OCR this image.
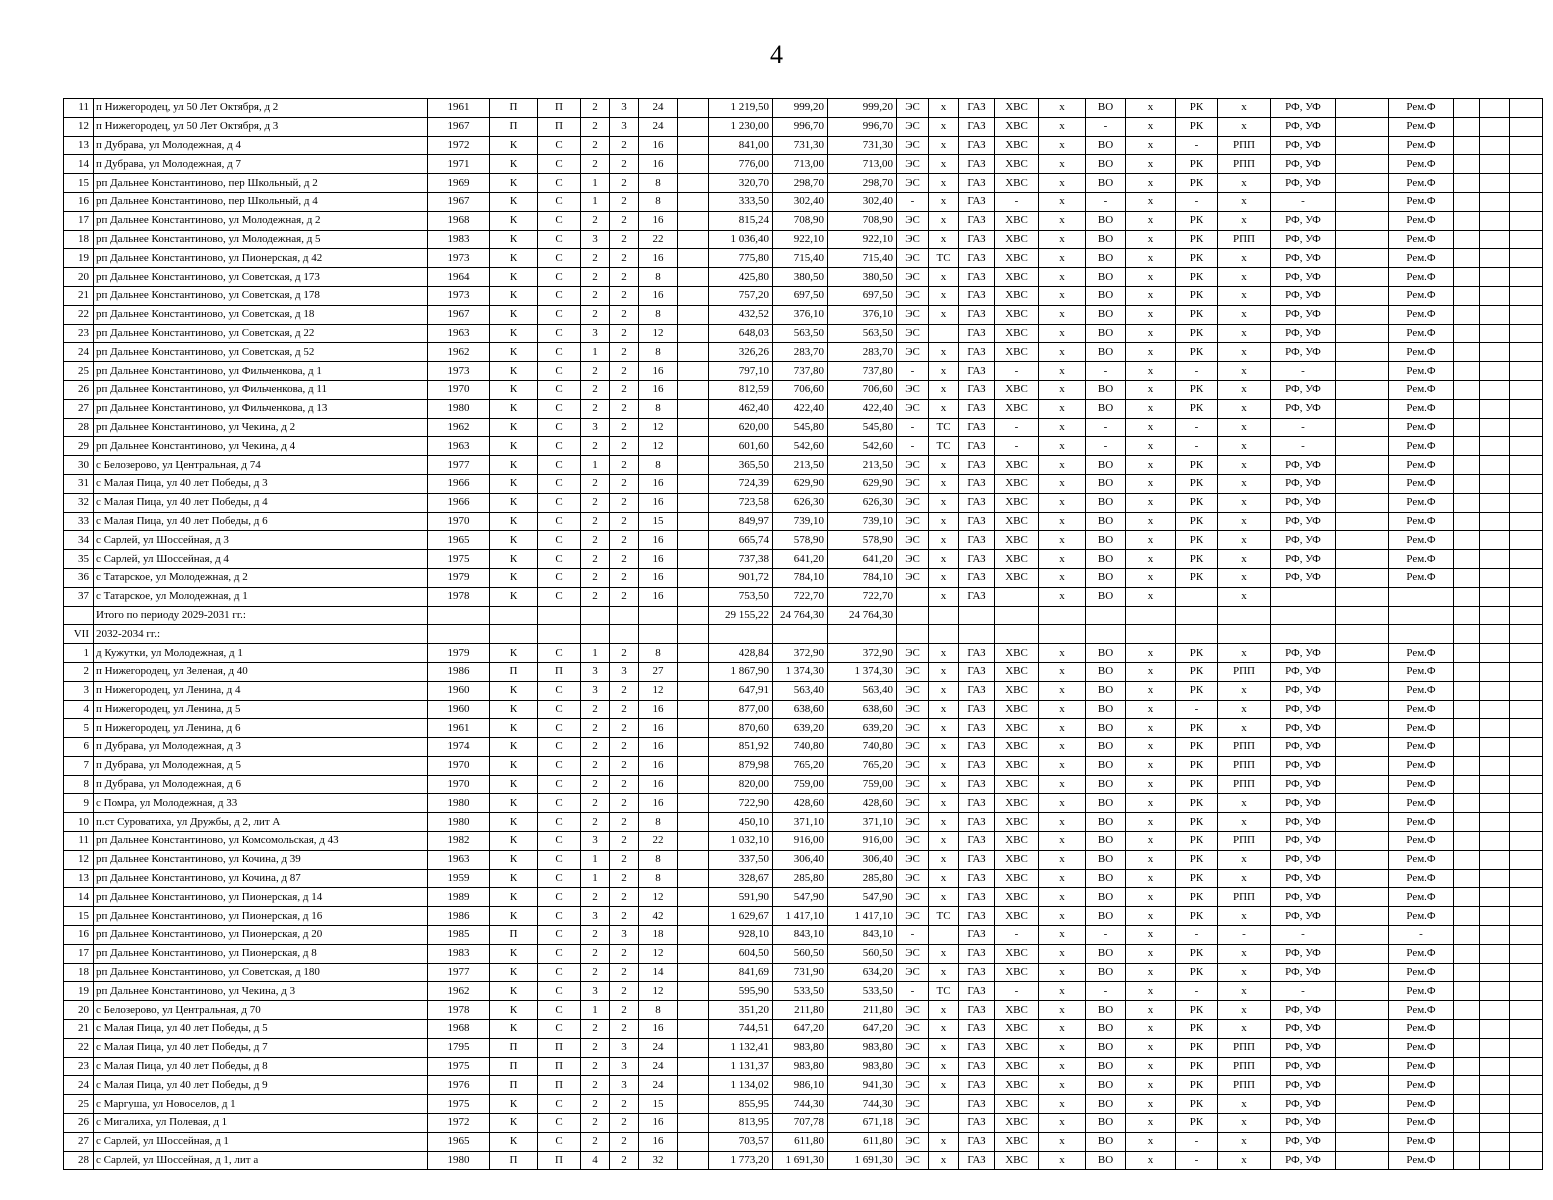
4
11	п Нижегородец, ул 50 Лет Октября, д 2	1961	П	П	2	3	24		1 219,50	999,20	999,20	ЭС	x	ГАЗ	ХВС	x	ВО	x	РК	x	РФ, УФ		Рем.Ф			
12	п Нижегородец, ул 50 Лет Октября, д 3	1967	П	П	2	3	24		1 230,00	996,70	996,70	ЭС	x	ГАЗ	ХВС	x	-	x	РК	x	РФ, УФ		Рем.Ф			
13	п Дубрава, ул Молодежная, д 4	1972	К	С	2	2	16		841,00	731,30	731,30	ЭС	x	ГАЗ	ХВС	x	ВО	x	-	РПП	РФ, УФ		Рем.Ф			
14	п Дубрава, ул Молодежная, д 7	1971	К	С	2	2	16		776,00	713,00	713,00	ЭС	x	ГАЗ	ХВС	x	ВО	x	РК	РПП	РФ, УФ		Рем.Ф			
15	рп Дальнее Константиново, пер Школьный, д 2	1969	К	С	1	2	8		320,70	298,70	298,70	ЭС	x	ГАЗ	ХВС	x	ВО	x	РК	x	РФ, УФ		Рем.Ф			
16	рп Дальнее Константиново, пер Школьный, д 4	1967	К	С	1	2	8		333,50	302,40	302,40	-	x	ГАЗ	-	x	-	x	-	x	-		Рем.Ф			
17	рп Дальнее Константиново, ул Молодежная, д 2	1968	К	С	2	2	16		815,24	708,90	708,90	ЭС	x	ГАЗ	ХВС	x	ВО	x	РК	x	РФ, УФ		Рем.Ф			
18	рп Дальнее Константиново, ул Молодежная, д 5	1983	К	С	3	2	22		1 036,40	922,10	922,10	ЭС	x	ГАЗ	ХВС	x	ВО	x	РК	РПП	РФ, УФ		Рем.Ф			
19	рп Дальнее Константиново, ул Пионерская, д 42	1973	К	С	2	2	16		775,80	715,40	715,40	ЭС	ТС	ГАЗ	ХВС	x	ВО	x	РК	x	РФ, УФ		Рем.Ф			
20	рп Дальнее Константиново, ул Советская, д 173	1964	К	С	2	2	8		425,80	380,50	380,50	ЭС	x	ГАЗ	ХВС	x	ВО	x	РК	x	РФ, УФ		Рем.Ф			
21	рп Дальнее Константиново, ул Советская, д 178	1973	К	С	2	2	16		757,20	697,50	697,50	ЭС	x	ГАЗ	ХВС	x	ВО	x	РК	x	РФ, УФ		Рем.Ф			
22	рп Дальнее Константиново, ул Советская, д 18	1967	К	С	2	2	8		432,52	376,10	376,10	ЭС	x	ГАЗ	ХВС	x	ВО	x	РК	x	РФ, УФ		Рем.Ф			
23	рп Дальнее Константиново, ул Советская, д 22	1963	К	С	3	2	12		648,03	563,50	563,50	ЭС		ГАЗ	ХВС	x	ВО	x	РК	x	РФ, УФ		Рем.Ф			
24	рп Дальнее Константиново, ул Советская, д 52	1962	К	С	1	2	8		326,26	283,70	283,70	ЭС	x	ГАЗ	ХВС	x	ВО	x	РК	x	РФ, УФ		Рем.Ф			
25	рп Дальнее Константиново, ул Фильченкова, д 1	1973	К	С	2	2	16		797,10	737,80	737,80	-	x	ГАЗ	-	x	-	x	-	x	-		Рем.Ф			
26	рп Дальнее Константиново, ул Фильченкова, д 11	1970	К	С	2	2	16		812,59	706,60	706,60	ЭС	x	ГАЗ	ХВС	x	ВО	x	РК	x	РФ, УФ		Рем.Ф			
27	рп Дальнее Константиново, ул Фильченкова, д 13	1980	К	С	2	2	8		462,40	422,40	422,40	ЭС	x	ГАЗ	ХВС	x	ВО	x	РК	x	РФ, УФ		Рем.Ф			
28	рп Дальнее Константиново, ул Чекина, д 2	1962	К	С	3	2	12		620,00	545,80	545,80	-	ТС	ГАЗ	-	x	-	x	-	x	-		Рем.Ф			
29	рп Дальнее Константиново, ул Чекина, д 4	1963	К	С	2	2	12		601,60	542,60	542,60	-	ТС	ГАЗ	-	x	-	x	-	x	-		Рем.Ф			
30	с Белозерово, ул Центральная, д 74	1977	К	С	1	2	8		365,50	213,50	213,50	ЭС	x	ГАЗ	ХВС	x	ВО	x	РК	x	РФ, УФ		Рем.Ф			
31	с Малая Пица, ул 40 лет Победы, д 3	1966	К	С	2	2	16		724,39	629,90	629,90	ЭС	x	ГАЗ	ХВС	x	ВО	x	РК	x	РФ, УФ		Рем.Ф			
32	с Малая Пица, ул 40 лет Победы, д 4	1966	К	С	2	2	16		723,58	626,30	626,30	ЭС	x	ГАЗ	ХВС	x	ВО	x	РК	x	РФ, УФ		Рем.Ф			
33	с Малая Пица, ул 40 лет Победы, д 6	1970	К	С	2	2	15		849,97	739,10	739,10	ЭС	x	ГАЗ	ХВС	x	ВО	x	РК	x	РФ, УФ		Рем.Ф			
34	с Сарлей, ул Шоссейная, д 3	1965	К	С	2	2	16		665,74	578,90	578,90	ЭС	x	ГАЗ	ХВС	x	ВО	x	РК	x	РФ, УФ		Рем.Ф			
35	с Сарлей, ул Шоссейная, д 4	1975	К	С	2	2	16		737,38	641,20	641,20	ЭС	x	ГАЗ	ХВС	x	ВО	x	РК	x	РФ, УФ		Рем.Ф			
36	с Татарское, ул Молодежная, д 2	1979	К	С	2	2	16		901,72	784,10	784,10	ЭС	x	ГАЗ	ХВС	x	ВО	x	РК	x	РФ, УФ		Рем.Ф			
37	с Татарское, ул Молодежная, д 1	1978	К	С	2	2	16		753,50	722,70	722,70		x	ГАЗ		x	ВО	x		x						
	Итого по периоду 2029-2031 гг.:								29 155,22	24 764,30	24 764,30															
VII	2032-2034 гг.:																									
1	д Кужутки, ул Молодежная, д 1	1979	К	С	1	2	8		428,84	372,90	372,90	ЭС	x	ГАЗ	ХВС	x	ВО	x	РК	x	РФ, УФ		Рем.Ф			
2	п Нижегородец, ул Зеленая, д 40	1986	П	П	3	3	27		1 867,90	1 374,30	1 374,30	ЭС	x	ГАЗ	ХВС	x	ВО	x	РК	РПП	РФ, УФ		Рем.Ф			
3	п Нижегородец, ул Ленина, д 4	1960	К	С	3	2	12		647,91	563,40	563,40	ЭС	x	ГАЗ	ХВС	x	ВО	x	РК	x	РФ, УФ		Рем.Ф			
4	п Нижегородец, ул Ленина, д 5	1960	К	С	2	2	16		877,00	638,60	638,60	ЭС	x	ГАЗ	ХВС	x	ВО	x	-	x	РФ, УФ		Рем.Ф			
5	п Нижегородец, ул Ленина, д 6	1961	К	С	2	2	16		870,60	639,20	639,20	ЭС	x	ГАЗ	ХВС	x	ВО	x	РК	x	РФ, УФ		Рем.Ф			
6	п Дубрава, ул Молодежная, д 3	1974	К	С	2	2	16		851,92	740,80	740,80	ЭС	x	ГАЗ	ХВС	x	ВО	x	РК	РПП	РФ, УФ		Рем.Ф			
7	п Дубрава, ул Молодежная, д 5	1970	К	С	2	2	16		879,98	765,20	765,20	ЭС	x	ГАЗ	ХВС	x	ВО	x	РК	РПП	РФ, УФ		Рем.Ф			
8	п Дубрава, ул Молодежная, д 6	1970	К	С	2	2	16		820,00	759,00	759,00	ЭС	x	ГАЗ	ХВС	x	ВО	x	РК	РПП	РФ, УФ		Рем.Ф			
9	с Помра, ул Молодежная, д 33	1980	К	С	2	2	16		722,90	428,60	428,60	ЭС	x	ГАЗ	ХВС	x	ВО	x	РК	x	РФ, УФ		Рем.Ф			
10	п.ст Суроватиха, ул Дружбы, д 2, лит А	1980	К	С	2	2	8		450,10	371,10	371,10	ЭС	x	ГАЗ	ХВС	x	ВО	x	РК	x	РФ, УФ		Рем.Ф			
11	рп Дальнее Константиново, ул Комсомольская, д 43	1982	К	С	3	2	22		1 032,10	916,00	916,00	ЭС	x	ГАЗ	ХВС	x	ВО	x	РК	РПП	РФ, УФ		Рем.Ф			
12	рп Дальнее Константиново, ул Кочина, д 39	1963	К	С	1	2	8		337,50	306,40	306,40	ЭС	x	ГАЗ	ХВС	x	ВО	x	РК	x	РФ, УФ		Рем.Ф			
13	рп Дальнее Константиново, ул Кочина, д 87	1959	К	С	1	2	8		328,67	285,80	285,80	ЭС	x	ГАЗ	ХВС	x	ВО	x	РК	x	РФ, УФ		Рем.Ф			
14	рп Дальнее Константиново, ул Пионерская, д 14	1989	К	С	2	2	12		591,90	547,90	547,90	ЭС	x	ГАЗ	ХВС	x	ВО	x	РК	РПП	РФ, УФ		Рем.Ф			
15	рп Дальнее Константиново, ул Пионерская, д 16	1986	К	С	3	2	42		1 629,67	1 417,10	1 417,10	ЭС	ТС	ГАЗ	ХВС	x	ВО	x	РК	x	РФ, УФ		Рем.Ф			
16	рп Дальнее Константиново, ул Пионерская, д 20	1985	П	С	2	3	18		928,10	843,10	843,10	-		ГАЗ	-	x	-	x	-	-	-		-			
17	рп Дальнее Константиново, ул Пионерская, д 8	1983	К	С	2	2	12		604,50	560,50	560,50	ЭС	x	ГАЗ	ХВС	x	ВО	x	РК	x	РФ, УФ		Рем.Ф			
18	рп Дальнее Константиново, ул Советская, д 180	1977	К	С	2	2	14		841,69	731,90	634,20	ЭС	x	ГАЗ	ХВС	x	ВО	x	РК	x	РФ, УФ		Рем.Ф			
19	рп Дальнее Константиново, ул Чекина, д 3	1962	К	С	3	2	12		595,90	533,50	533,50	-	ТС	ГАЗ	-	x	-	x	-	x	-		Рем.Ф			
20	с Белозерово, ул Центральная, д 70	1978	К	С	1	2	8		351,20	211,80	211,80	ЭС	x	ГАЗ	ХВС	x	ВО	x	РК	x	РФ, УФ		Рем.Ф			
21	с Малая Пица, ул 40 лет Победы, д 5	1968	К	С	2	2	16		744,51	647,20	647,20	ЭС	x	ГАЗ	ХВС	x	ВО	x	РК	x	РФ, УФ		Рем.Ф			
22	с Малая Пица, ул 40 лет Победы, д 7	1795	П	П	2	3	24		1 132,41	983,80	983,80	ЭС	x	ГАЗ	ХВС	x	ВО	x	РК	РПП	РФ, УФ		Рем.Ф			
23	с Малая Пица, ул 40 лет Победы, д 8	1975	П	П	2	3	24		1 131,37	983,80	983,80	ЭС	x	ГАЗ	ХВС	x	ВО	x	РК	РПП	РФ, УФ		Рем.Ф			
24	с Малая Пица, ул 40 лет Победы, д 9	1976	П	П	2	3	24		1 134,02	986,10	941,30	ЭС	x	ГАЗ	ХВС	x	ВО	x	РК	РПП	РФ, УФ		Рем.Ф			
25	с Маргуша, ул Новоселов, д 1	1975	К	С	2	2	15		855,95	744,30	744,30	ЭС		ГАЗ	ХВС	x	ВО	x	РК	x	РФ, УФ		Рем.Ф			
26	с Мигалиха, ул Полевая, д 1	1972	К	С	2	2	16		813,95	707,78	671,18	ЭС		ГАЗ	ХВС	x	ВО	x	РК	x	РФ, УФ		Рем.Ф			
27	с Сарлей, ул Шоссейная, д 1	1965	К	С	2	2	16		703,57	611,80	611,80	ЭС	x	ГАЗ	ХВС	x	ВО	x	-	x	РФ, УФ		Рем.Ф			
28	с Сарлей, ул Шоссейная, д 1, лит а	1980	П	П	4	2	32		1 773,20	1 691,30	1 691,30	ЭС	x	ГАЗ	ХВС	x	ВО	x	-	x	РФ, УФ		Рем.Ф			
